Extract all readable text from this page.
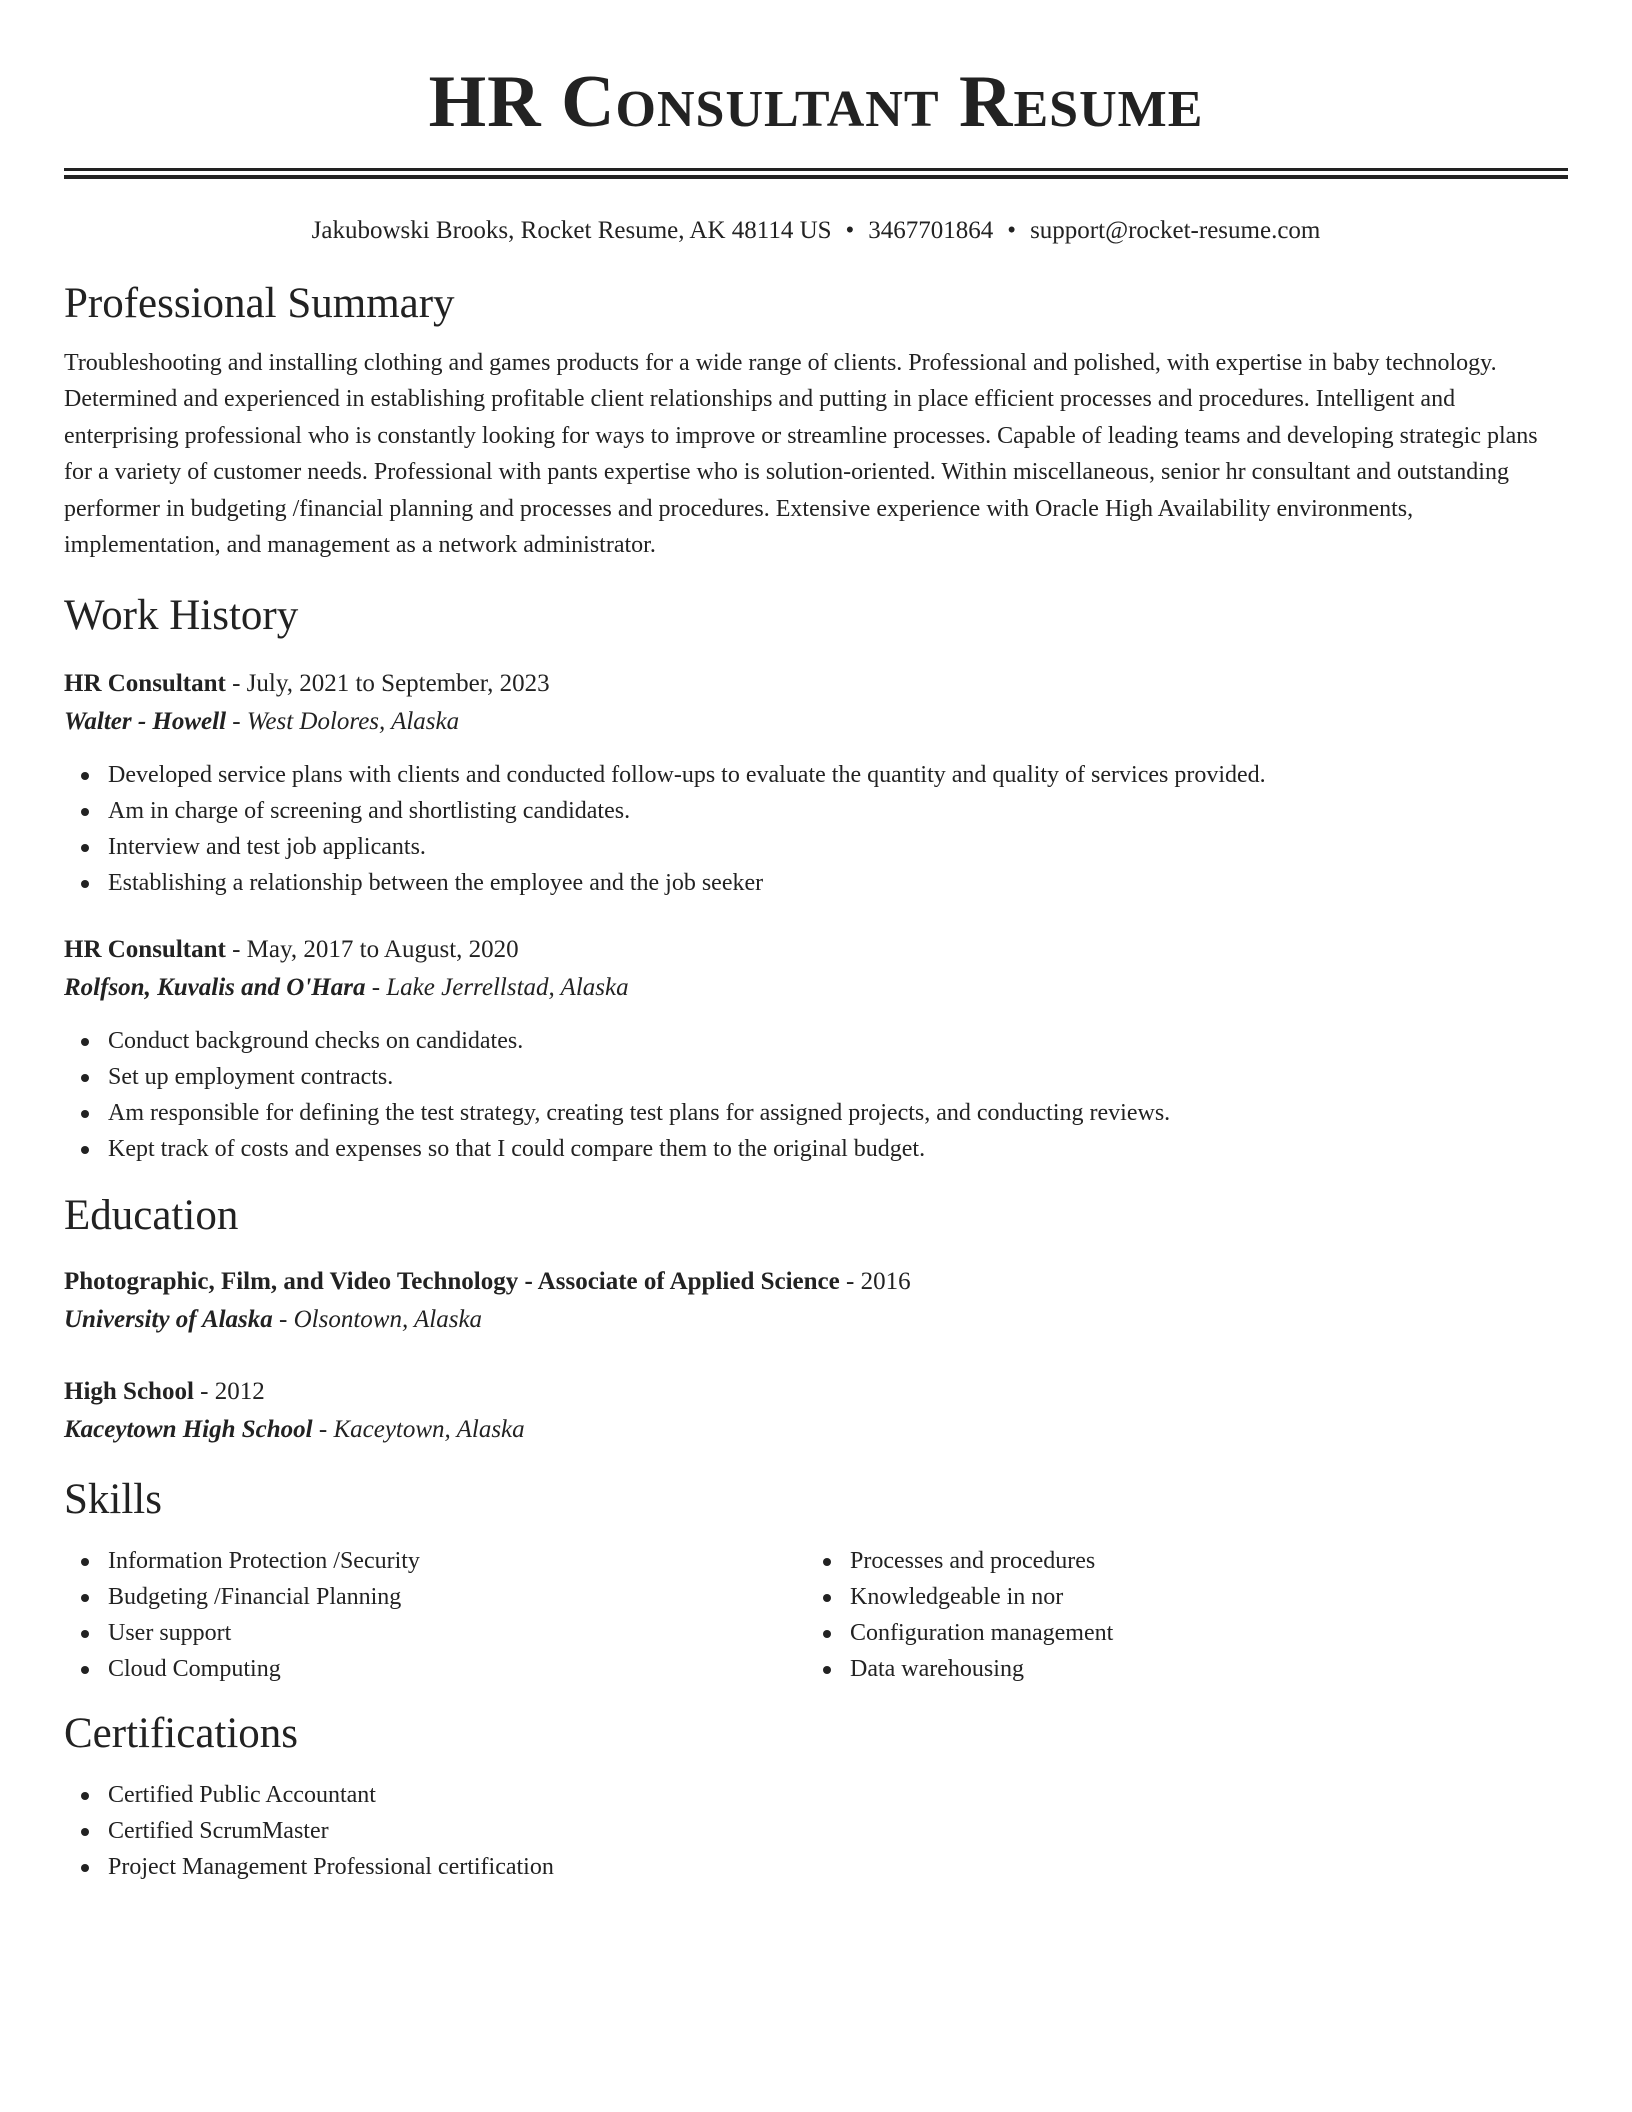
HR Consultant Resume
Jakubowski Brooks, Rocket Resume, AK 48114 US • 3467701864 • support@rocket-resume.com
Professional Summary

Troubleshooting and installing clothing and games products for a wide range of clients. Professional and polished, with expertise in baby technology. Determined and experienced in establishing profitable client relationships and putting in place efficient processes and procedures. Intelligent and enterprising professional who is constantly looking for ways to improve or streamline processes. Capable of leading teams and developing strategic plans for a variety of customer needs. Professional with pants expertise who is solution-oriented. Within miscellaneous, senior hr consultant and outstanding performer in budgeting /financial planning and processes and procedures. Extensive experience with Oracle High Availability environments, implementation, and management as a network administrator.

Work History
HR Consultant - July, 2021 to September, 2023
Walter - Howell - West Dolores, Alaska
Developed service plans with clients and conducted follow-ups to evaluate the quantity and quality of services provided.
Am in charge of screening and shortlisting candidates.
Interview and test job applicants.
Establishing a relationship between the employee and the job seeker
HR Consultant - May, 2017 to August, 2020
Rolfson, Kuvalis and O'Hara - Lake Jerrellstad, Alaska
Conduct background checks on candidates.
Set up employment contracts.
Am responsible for defining the test strategy, creating test plans for assigned projects, and conducting reviews.
Kept track of costs and expenses so that I could compare them to the original budget.
Education
Photographic, Film, and Video Technology - Associate of Applied Science - 2016
University of Alaska - Olsontown, Alaska
High School - 2012
Kaceytown High School - Kaceytown, Alaska
Skills
Information Protection /Security
Budgeting /Financial Planning
User support
Cloud Computing
Processes and procedures
Knowledgeable in nor
Configuration management
Data warehousing
Certifications
Certified Public Accountant
Certified ScrumMaster
Project Management Professional certification
